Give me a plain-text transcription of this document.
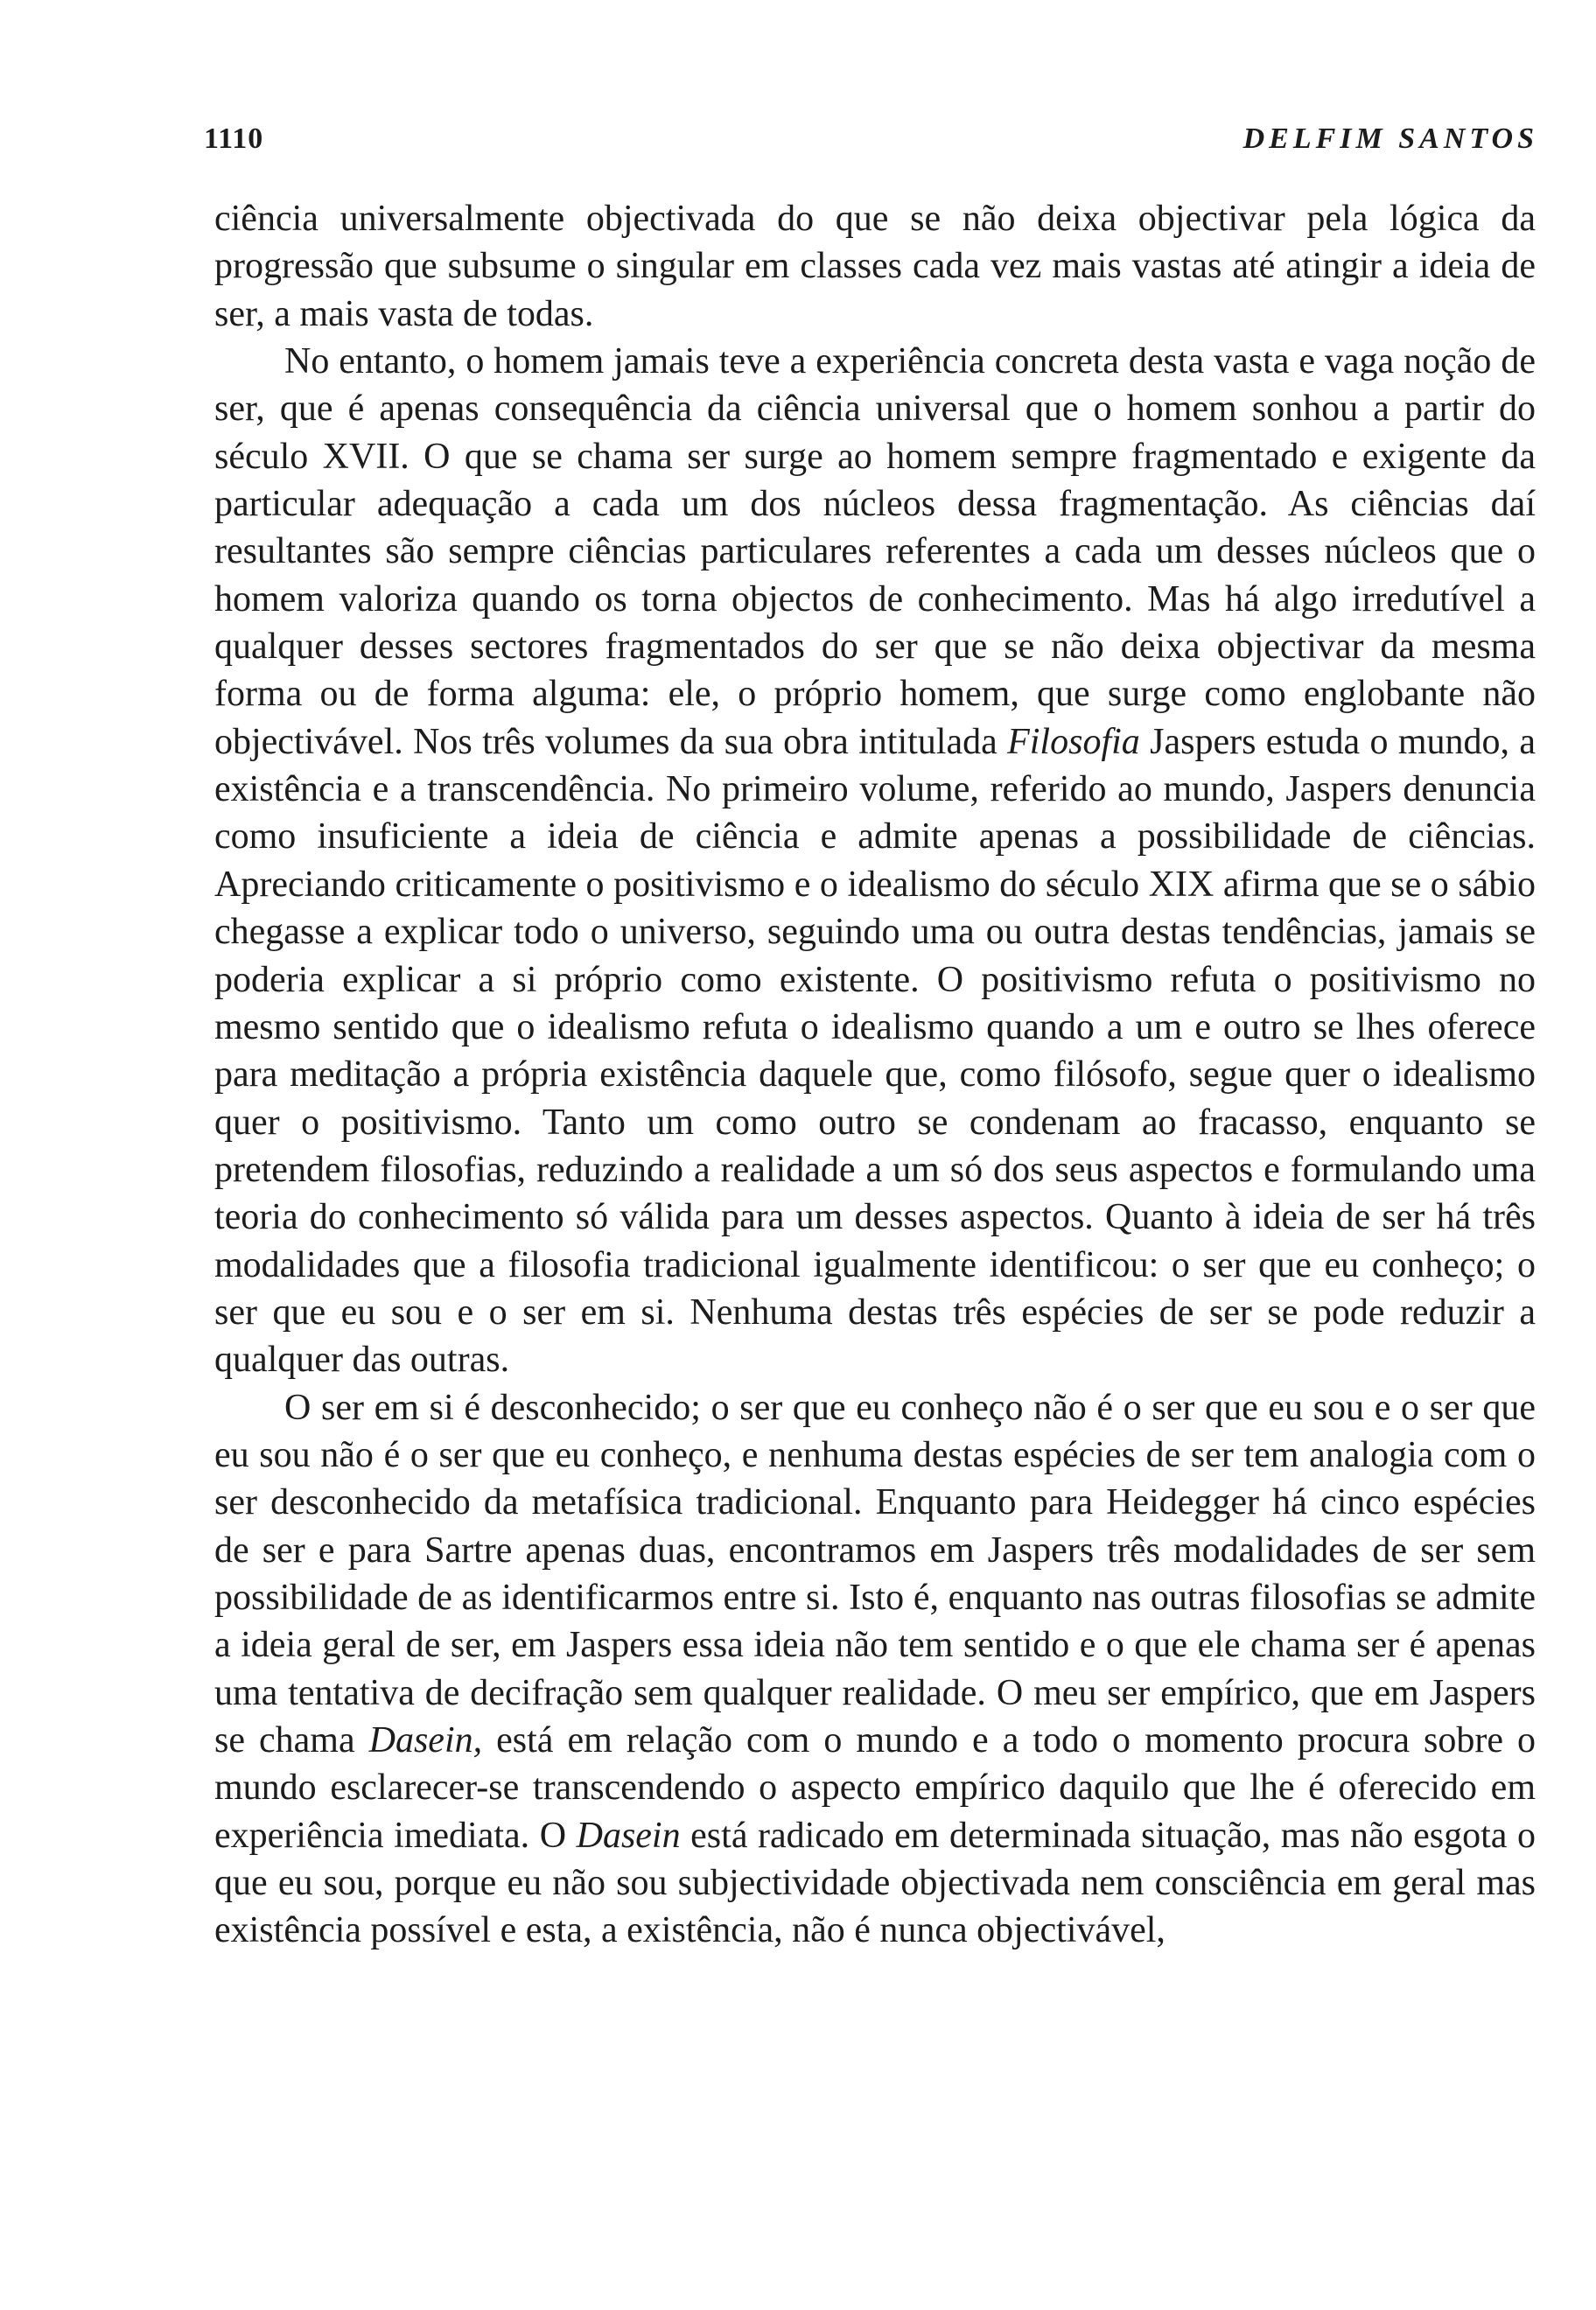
1110	DELFIM SANTOS

ciência universalmente objectivada do que se não deixa objectivar pela lógica da progressão que subsume o singular em classes cada vez mais vastas até atingir a ideia de ser, a mais vasta de todas.

No entanto, o homem jamais teve a experiência concreta desta vasta e vaga noção de ser, que é apenas consequência da ciência universal que o homem sonhou a partir do século XVII. O que se chama ser surge ao homem sempre fragmentado e exigente da particular adequação a cada um dos núcleos dessa fragmentação. As ciências daí resultantes são sempre ciências particulares referentes a cada um desses núcleos que o homem valoriza quando os torna objectos de conhecimento. Mas há algo irredutível a qualquer desses sectores fragmentados do ser que se não deixa objectivar da mesma forma ou de forma alguma: ele, o próprio homem, que surge como englobante não objectivável. Nos três volumes da sua obra intitulada Filosofia Jaspers estuda o mundo, a existência e a transcendência. No primeiro volume, referido ao mundo, Jaspers denuncia como insuficiente a ideia de ciência e admite apenas a possibilidade de ciências. Apreciando criticamente o positivismo e o idealismo do século XIX afirma que se o sábio chegasse a explicar todo o universo, seguindo uma ou outra destas tendências, jamais se poderia explicar a si próprio como existente. O positivismo refuta o positivismo no mesmo sentido que o idealismo refuta o idealismo quando a um e outro se lhes oferece para meditação a própria existência daquele que, como filósofo, segue quer o idealismo quer o positivismo. Tanto um como outro se condenam ao fracasso, enquanto se pretendem filosofias, reduzindo a realidade a um só dos seus aspectos e formulando uma teoria do conhecimento só válida para um desses aspectos. Quanto à ideia de ser há três modalidades que a filosofia tradicional igualmente identificou: o ser que eu conheço; o ser que eu sou e o ser em si. Nenhuma destas três espécies de ser se pode reduzir a qualquer das outras.

O ser em si é desconhecido; o ser que eu conheço não é o ser que eu sou e o ser que eu sou não é o ser que eu conheço, e nenhuma destas espécies de ser tem analogia com o ser desconhecido da metafísica tradicional. Enquanto para Heidegger há cinco espécies de ser e para Sartre apenas duas, encontramos em Jaspers três modalidades de ser sem possibilidade de as identificarmos entre si. Isto é, enquanto nas outras filosofias se admite a ideia geral de ser, em Jaspers essa ideia não tem sentido e o que ele chama ser é apenas uma tentativa de decifração sem qualquer realidade. O meu ser empírico, que em Jaspers se chama Dasein, está em relação com o mundo e a todo o momento procura sobre o mundo esclarecer-se transcendendo o aspecto empírico daquilo que lhe é oferecido em experiência imediata. O Dasein está radicado em determinada situação, mas não esgota o que eu sou, porque eu não sou subjectividade objectivada nem consciência em geral mas existência possível e esta, a existência, não é nunca objectivável,
